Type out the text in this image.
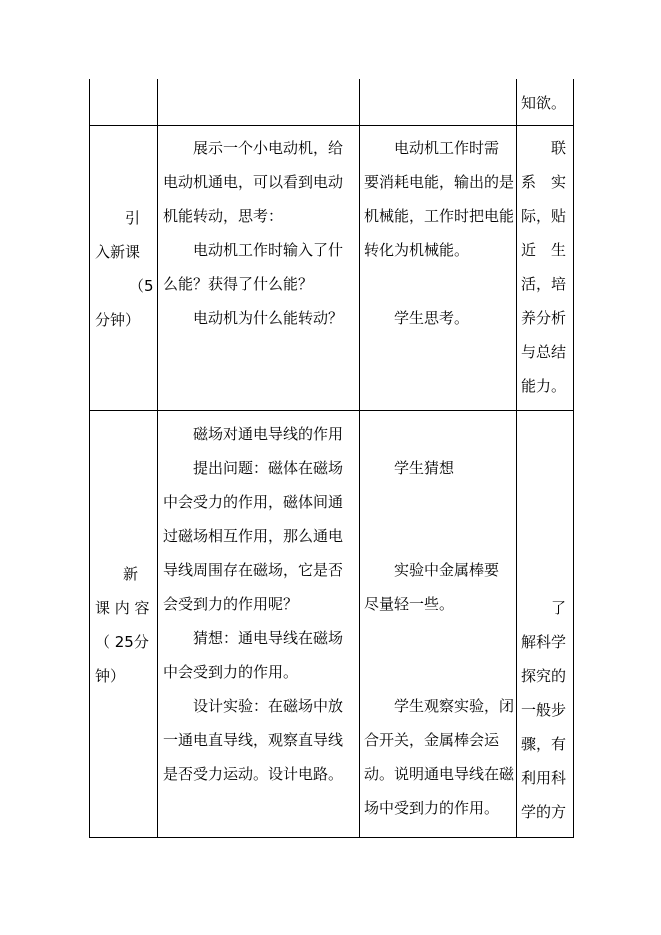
知欲。

引

入新课

（5

分钟）

展示一个小电动机，给

电动机通电，可以看到电动

机能转动，思考：

电动机工作时输入了什

么能？获得了什么能？

电动机为什么能转动？

电动机工作时需

要消耗电能，输出的是

机械能，工作时把电能

转化为机械能。

学生思考。

联

系　实

际，贴

近　生

活，培

养分析

与总结

能力。

新

课 内 容

（ 25分

钟）

磁场对通电导线的作用

提出问题：磁体在磁场

中会受力的作用，磁体间通

过磁场相互作用，那么通电

导线周围存在磁场，它是否

会受到力的作用呢？

猜想：通电导线在磁场

中会受到力的作用。

设计实验：在磁场中放

一通电直导线，观察直导线

是否受力运动。设计电路。

学生猜想

实验中金属棒要

尽量轻一些。

学生观察实验，闭

合开关，金属棒会运

动。说明通电导线在磁

场中受到力的作用。

了

解科学

探究的

一般步

骤，有

利用科

学的方
